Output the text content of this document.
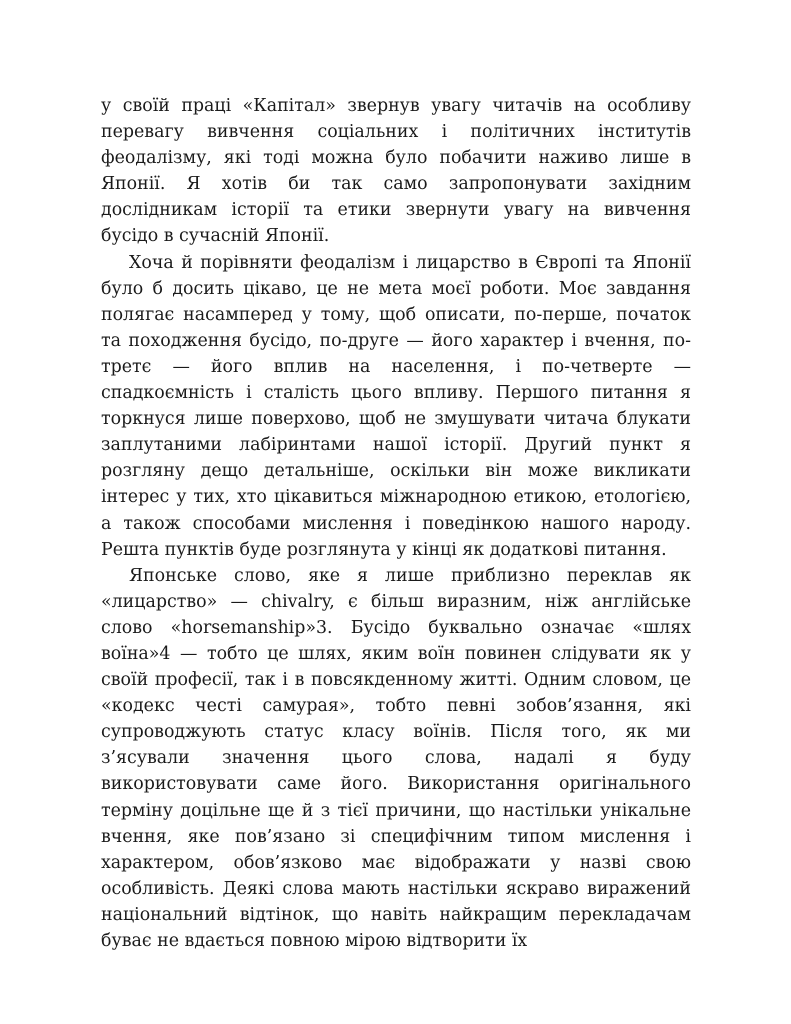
у своїй праці «Капітал» звернув увагу читачів на особливу перевагу вивчення соціальних і політичних інститутів феодалізму, які тоді можна було побачити наживо лише в Японії. Я хотів би так само запропонувати західним дослідникам історії та етики звернути увагу на вивчення бусідо в сучасній Японії.

Хоча й порівняти феодалізм і лицарство в Європі та Японії було б досить цікаво, це не мета моєї роботи. Моє завдання полягає насамперед у тому, щоб описати, по-перше, початок та походження бусідо, по-друге — його характер і вчення, по-третє — його вплив на населення, і по-четверте — спадкоємність і сталість цього впливу. Першого питання я торкнуся лише поверхово, щоб не змушувати читача блукати заплутаними лабіринтами нашої історії. Другий пункт я розгляну дещо детальніше, оскільки він може викликати інтерес у тих, хто цікавиться міжнародною етикою, етологією, а також способами мислення і поведінкою нашого народу. Решта пунктів буде розглянута у кінці як додаткові питання.

Японське слово, яке я лише приблизно переклав як «лицарство» — chivalry, є більш виразним, ніж англійське слово «horsemanship»3. Бусідо буквально означає «шлях воїна»4 — тобто це шлях, яким воїн повинен слідувати як у своїй професії, так і в повсякденному житті. Одним словом, це «кодекс честі самурая», тобто певні зобов’язання, які супроводжують статус класу воїнів. Після того, як ми з’ясували значення цього слова, надалі я буду використовувати саме його. Використання оригінального терміну доцільне ще й з тієї причини, що настільки унікальне вчення, яке пов’язано зі специфічним типом мислення і характером, обов’язково має відображати у назві свою особливість. Деякі слова мають настільки яскраво виражений національний відтінок, що навіть найкращим перекладачам буває не вдається повною мірою відтворити їх
